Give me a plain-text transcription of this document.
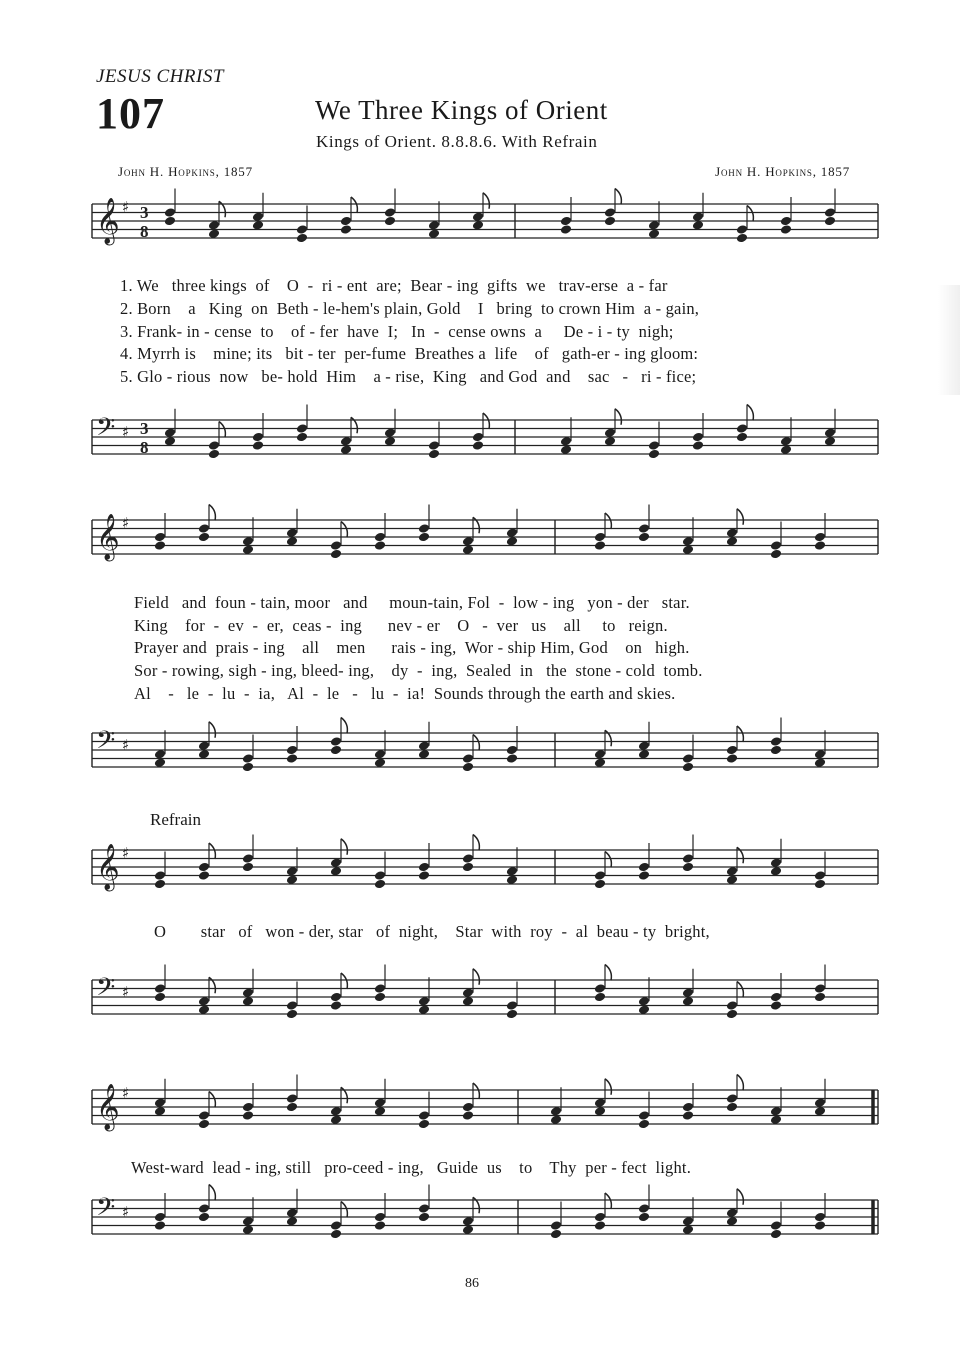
JESUS CHRIST
107	We Three Kings of Orient
Kings of Orient. 8.8.8.6. With Refrain
John H. Hopkins, 1857	John H. Hopkins, 1857
𝄞 ♯
𝄢 ♯
𝄞 ♯
𝄢 ♯
𝄞 ♯
𝄢 ♯
𝄞 ♯
𝄢 ♯
3
8
3
8
1. We   three kings  of    O  -  ri - ent  are;  Bear - ing  gifts  we   trav-erse  a - far
2. Born    a   King  on  Beth - le-hem's plain, Gold    I   bring  to crown Him  a - gain,
3. Frank- in - cense  to    of - fer  have  I;   In  -  cense owns  a     De - i - ty  nigh;
4. Myrrh is    mine; its   bit - ter  per-fume  Breathes a  life    of   gath-er - ing gloom:
5. Glo - rious  now   be- hold  Him    a - rise,  King   and God  and    sac   -   ri - fice;
Field   and  foun - tain, moor   and     moun-tain, Fol  -  low - ing   yon - der   star.
King    for  -  ev  -  er,  ceas -  ing      nev - er    O   -  ver   us    all     to   reign.
Prayer and  prais - ing    all    men      rais - ing,  Wor - ship Him, God    on   high.
Sor - rowing, sigh - ing, bleed- ing,    dy  -  ing,  Sealed  in   the  stone - cold  tomb.
Al    -   le  -  lu  -  ia,   Al  -  le   -   lu  -  ia!  Sounds through the earth and skies.
Refrain
O        star   of   won - der, star   of  night,    Star  with  roy  -  al  beau - ty  bright,
West-ward  lead - ing, still   pro-ceed - ing,   Guide  us    to    Thy  per - fect  light.
86
